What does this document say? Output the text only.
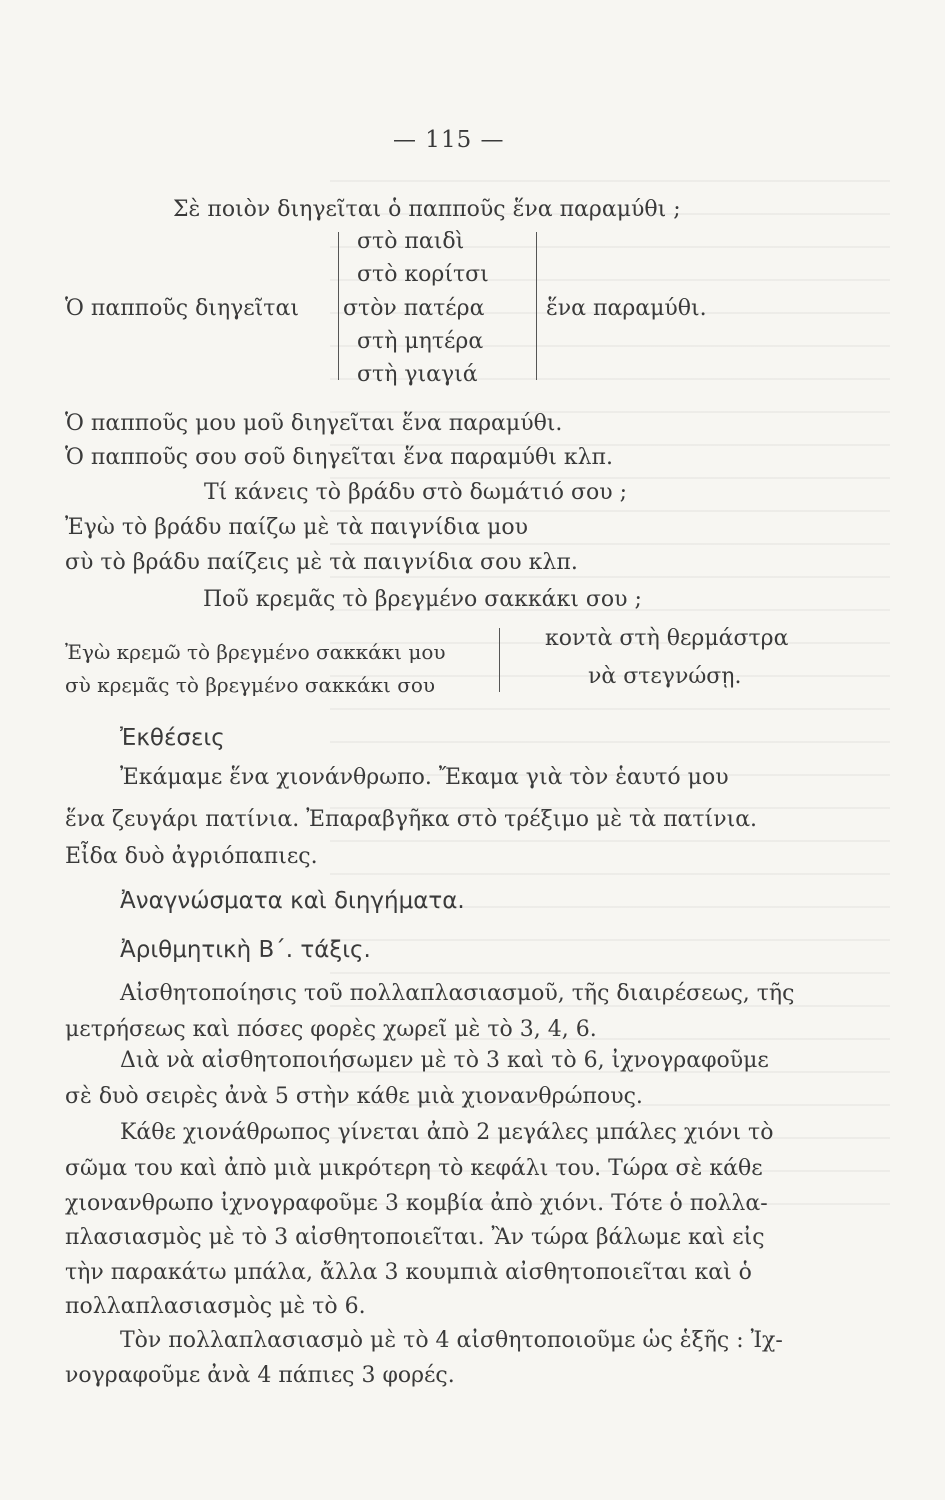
— 115 —
Σὲ ποιὸν διηγεῖται ὁ παπποῦς ἕνα παραμύθι ;
στὸ παιδὶ
στὸ κορίτσι
Ὁ παπποῦς διηγεῖται στὸν πατέρα	ἕνα παραμύθι.
στὴ μητέρα
στὴ γιαγιά
Ὁ παπποῦς μου μοῦ διηγεῖται ἕνα παραμύθι.
Ὁ παπποῦς σου σοῦ διηγεῖται ἕνα παραμύθι κλπ.
Τί κάνεις τὸ βράδυ στὸ δωμάτιό σου ;
Ἐγὼ τὸ βράδυ παίζω μὲ τὰ παιγνίδια μου
σὺ τὸ βράδυ παίζεις μὲ τὰ παιγνίδια σου κλπ.
Ποῦ κρεμᾶς τὸ βρεγμένο σακκάκι σου ;
Ἐγὼ κρεμῶ τὸ βρεγμένο σακκάκι μου
σὺ κρεμᾶς τὸ βρεγμένο σακκάκι σου
κοντὰ στὴ θερμάστρα
νὰ στεγνώσῃ.
Ἐκθέσεις
Ἐκάμαμε ἕνα χιονάνθρωπο. Ἔκαμα γιὰ τὸν ἑαυτό μου
ἕνα ζευγάρι πατίνια. Ἐπαραβγῆκα στὸ τρέξιμο μὲ τὰ πατίνια.
Εἶδα δυὸ ἀγριόπαπιες.
Ἀναγνώσματα καὶ διηγήματα.
Ἀριθμητικὴ Β΄. τάξις.
Αἰσθητοποίησις τοῦ πολλαπλασιασμοῦ, τῆς διαιρέσεως, τῆς
μετρήσεως καὶ πόσες φορὲς χωρεῖ μὲ τὸ 3, 4, 6.
Διὰ νὰ αἰσθητοποιήσωμεν μὲ τὸ 3 καὶ τὸ 6, ἰχνογραφοῦμε
σὲ δυὸ σειρὲς ἀνὰ 5 στὴν κάθε μιὰ χιονανθρώπους.
Κάθε χιονάθρωπος γίνεται ἀπὸ 2 μεγάλες μπάλες χιόνι τὸ
σῶμα του καὶ ἀπὸ μιὰ μικρότερη τὸ κεφάλι του. Τώρα σὲ κάθε
χιονανθρωπο ἰχνογραφοῦμε 3 κομβία ἀπὸ χιόνι. Τότε ὁ πολλα-
πλασιασμὸς μὲ τὸ 3 αἰσθητοποιεῖται. Ἂν τώρα βάλωμε καὶ εἰς
τὴν παρακάτω μπάλα, ἄλλα 3 κουμπιὰ αἰσθητοποιεῖται καὶ ὁ
πολλαπλασιασμὸς μὲ τὸ 6.
Τὸν πολλαπλασιασμὸ μὲ τὸ 4 αἰσθητοποιοῦμε ὡς ἑξῆς : Ἰχ-
νογραφοῦμε ἀνὰ 4 πάπιες 3 φορές.
